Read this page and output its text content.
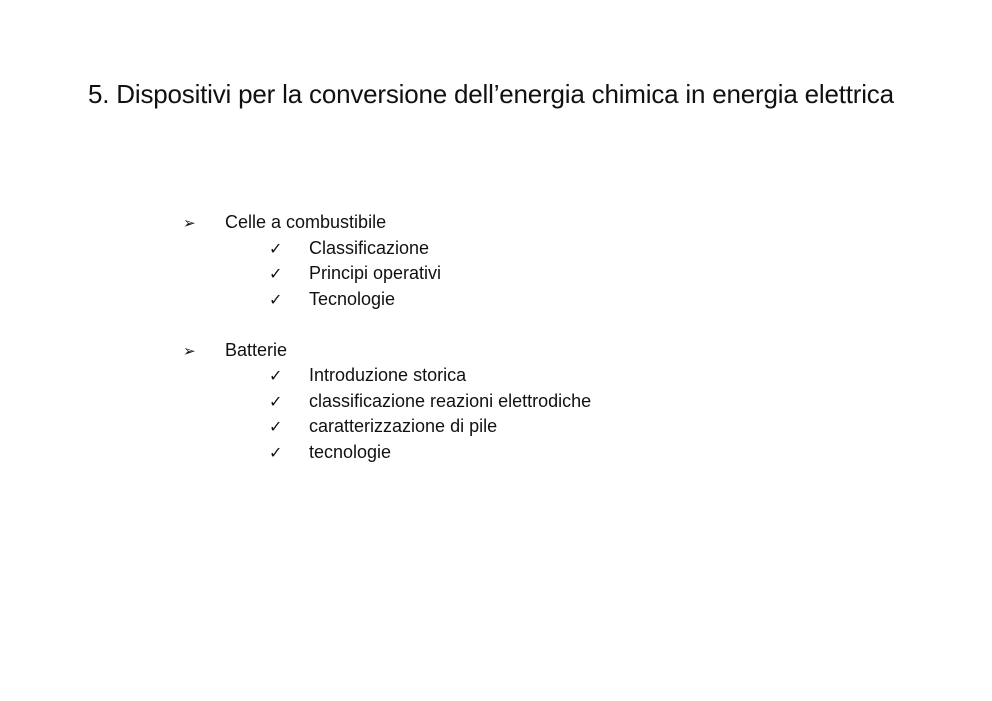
5. Dispositivi per la conversione dell’energia chimica in energia elettrica
➢	Celle a combustibile
✓	Classificazione
✓	Principi operativi
✓	Tecnologie
➢	Batterie
✓	Introduzione storica
✓	classificazione reazioni elettrodiche
✓	caratterizzazione di pile
✓	tecnologie
